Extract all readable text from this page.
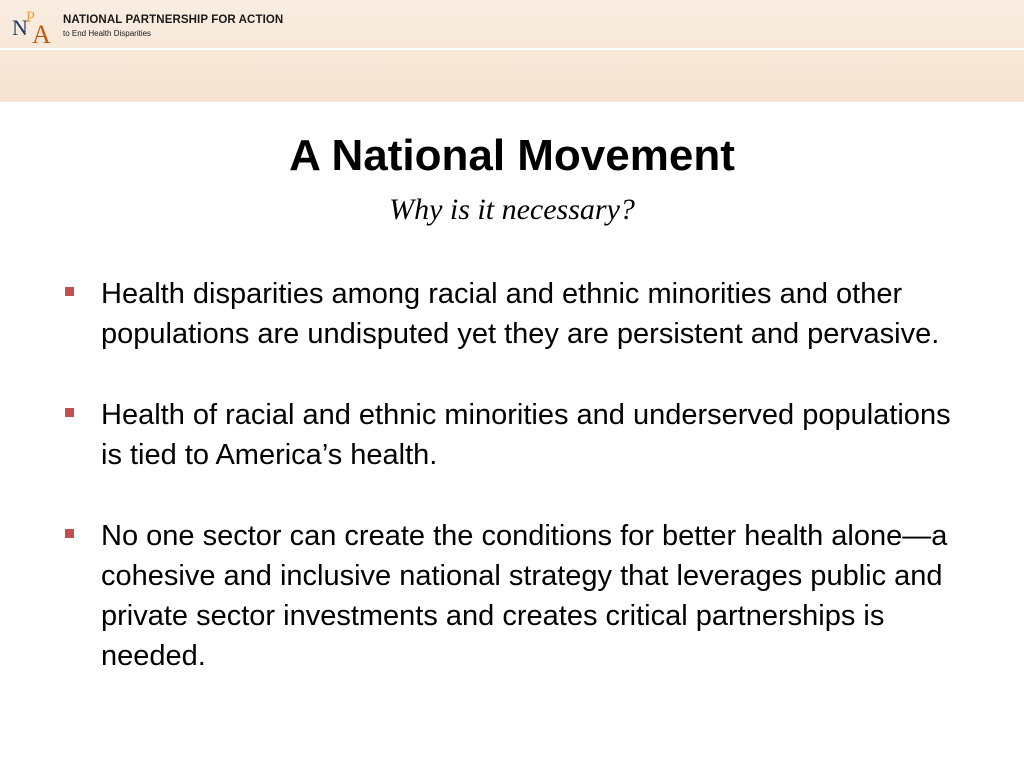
N
P
A NATIONAL PARTNERSHIP FOR ACTION
to End Health Disparities
A National Movement
Why is it necessary?
Health disparities among racial and ethnic minorities and other populations are undisputed yet they are persistent and pervasive.
Health of racial and ethnic minorities and underserved populations is tied to America’s health.
No one sector can create the conditions for better health alone—a cohesive and inclusive national strategy that leverages public and private sector investments and creates critical partnerships is needed.
